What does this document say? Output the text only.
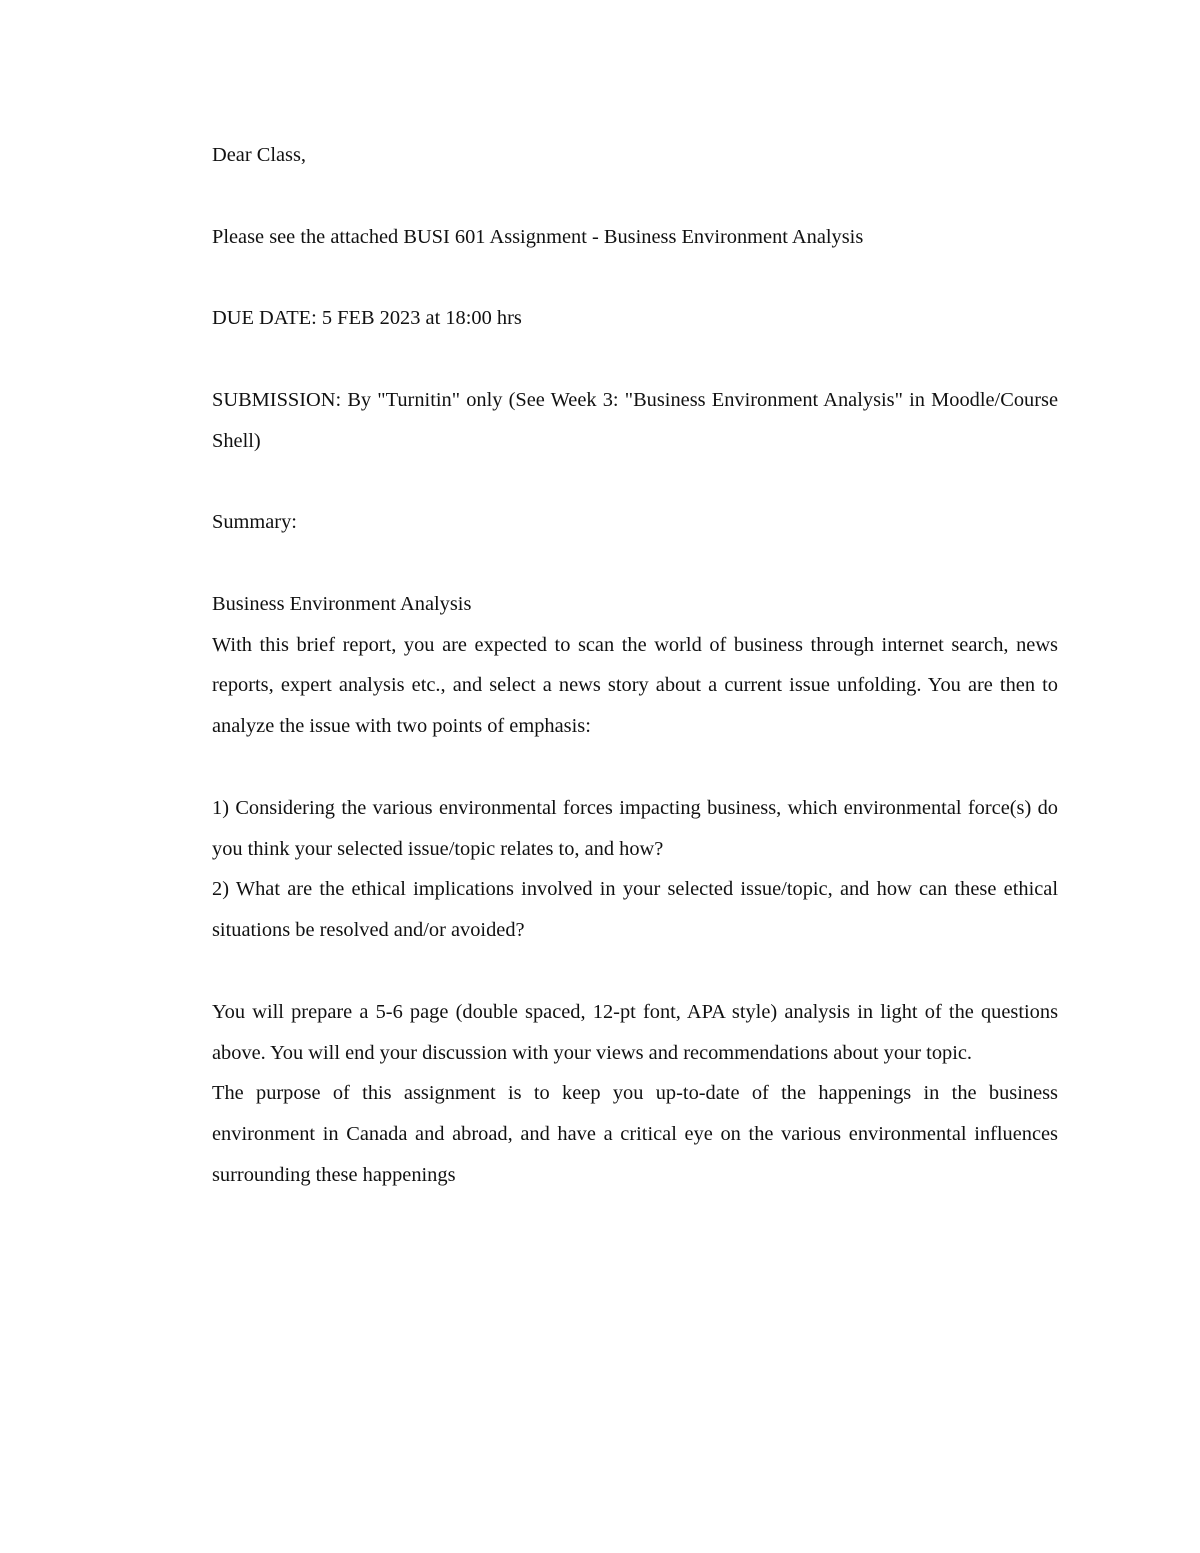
Dear Class,

Please see the attached BUSI 601 Assignment - Business Environment Analysis

DUE DATE: 5 FEB 2023 at 18:00 hrs

SUBMISSION: By "Turnitin" only (See Week 3: "Business Environment Analysis" in Moodle/Course Shell)

Summary:

Business Environment Analysis

With this brief report, you are expected to scan the world of business through internet search, news reports, expert analysis etc., and select a news story about a current issue unfolding. You are then to analyze the issue with two points of emphasis:

1) Considering the various environmental forces impacting business, which environmental force(s) do you think your selected issue/topic relates to, and how?

2) What are the ethical implications involved in your selected issue/topic, and how can these ethical situations be resolved and/or avoided?

You will prepare a 5-6 page (double spaced, 12-pt font, APA style) analysis in light of the questions above. You will end your discussion with your views and recommendations about your topic.

The purpose of this assignment is to keep you up-to-date of the happenings in the business environment in Canada and abroad, and have a critical eye on the various environmental influences surrounding these happenings
